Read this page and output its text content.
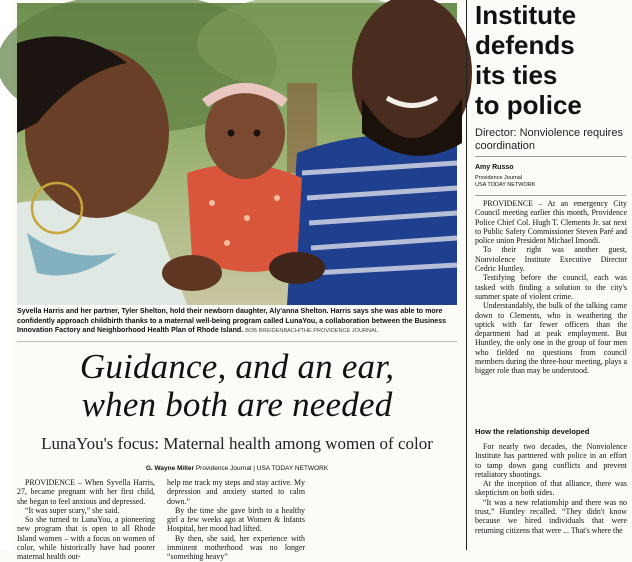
Syvella Harris and her partner, Tyler Shelton, hold their newborn daughter, Aly'anna Shelton. Harris says she was able to more confidently approach childbirth thanks to a maternal well-being program called LunaYou, a collaboration between the Business Innovation Factory and Neighborhood Health Plan of Rhode Island. BOB BREIDENBACH/THE PROVIDENCE JOURNAL
Guidance, and an ear,
when both are needed
LunaYou's focus: Maternal health among women of color
G. Wayne Miller Providence Journal | USA TODAY NETWORK

PROVIDENCE – When Syvella Harris, 27, became pregnant with her first child, she began to feel anxious and depressed.

“It was super scary,” she said.

So she turned to LunaYou, a pioneering new program that is open to all Rhode Island women – with a focus on women of color, while historically have had poorer maternal health out-

help me track my steps and stay active. My depression and anxiety started to calm down.”

By the time she gave birth to a healthy girl a few weeks ago at Women & Infants Hospital, her mood had lifted.

By then, she said, her experience with imminent motherhood was no longer “something heavy”

Institute
defends
its ties
to police
Director: Nonviolence requires coordination
Amy Russo
Providence Journal
USA TODAY NETWORK

PROVIDENCE – At an emergency City Council meeting earlier this month, Providence Police Chief Col. Hugh T. Clements Jr. sat next to Public Safety Commissioner Steven Paré and police union President Michael Imondi.

To their right was another guest, Nonviolence Institute Executive Director Cedric Huntley.

Testifying before the council, each was tasked with finding a solution to the city's summer spate of violent crime.

Understandably, the bulk of the talking came down to Clements, who is weathering the uptick with far fewer officers than the department had at peak employment. But Huntley, the only one in the group of four men who fielded no questions from council members during the three-hour meeting, plays a bigger role than may be understood.

How the relationship developed

For nearly two decades, the Nonviolence Institute has partnered with police in an effort to tamp down gang conflicts and prevent retaliatory shootings.

At the inception of that alliance, there was skepticism on both sides.

“It was a new relationship and there was no trust,” Huntley recalled. “They didn't know because we hired individuals that were returning citizens that were ... That's where the
